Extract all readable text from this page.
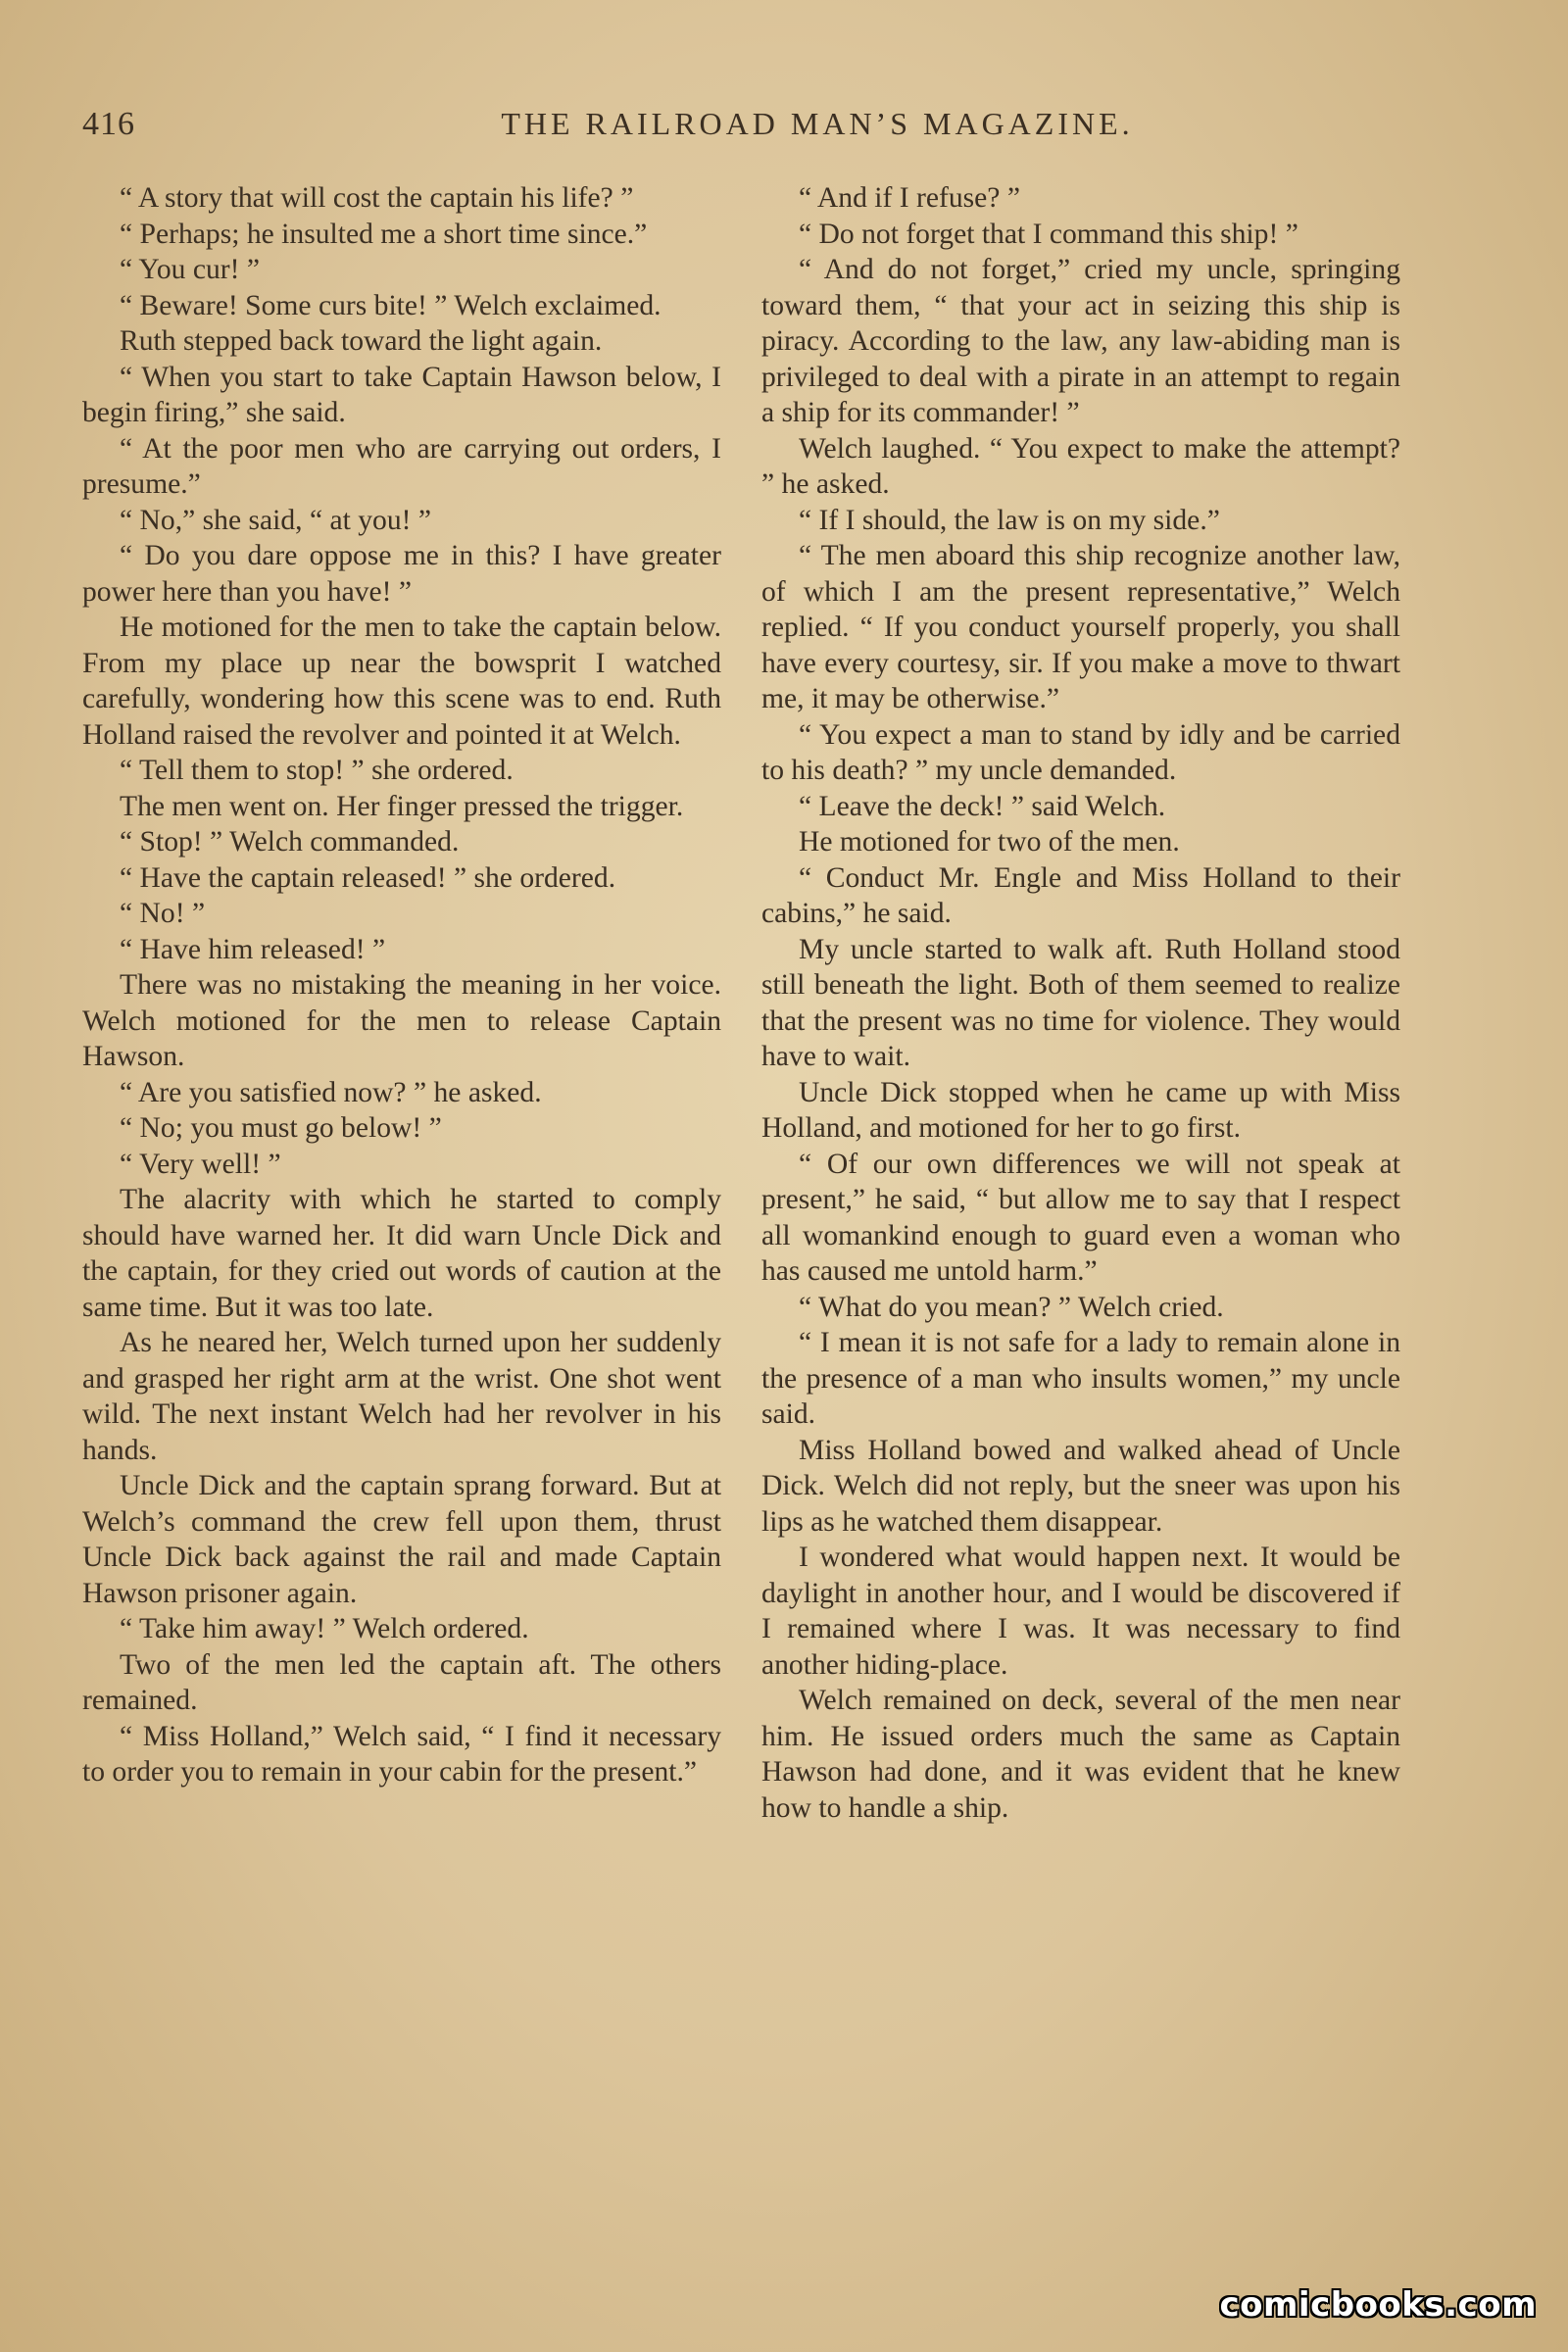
416	THE RAILROAD MAN’S MAGAZINE.

“ A story that will cost the captain his life? ”

“ Perhaps; he insulted me a short time since.”

“ You cur! ”

“ Beware! Some curs bite! ” Welch exclaimed.

Ruth stepped back toward the light again.

“ When you start to take Captain Hawson below, I begin firing,” she said.

“ At the poor men who are carrying out orders, I presume.”

“ No,” she said, “ at you! ”

“ Do you dare oppose me in this? I have greater power here than you have! ”

He motioned for the men to take the captain below. From my place up near the bowsprit I watched carefully, wondering how this scene was to end. Ruth Holland raised the revolver and pointed it at Welch.

“ Tell them to stop! ” she ordered.

The men went on. Her finger pressed the trigger.

“ Stop! ” Welch commanded.

“ Have the captain released! ” she ordered.

“ No! ”

“ Have him released! ”

There was no mistaking the meaning in her voice. Welch motioned for the men to release Captain Hawson.

“ Are you satisfied now? ” he asked.

“ No; you must go below! ”

“ Very well! ”

The alacrity with which he started to comply should have warned her. It did warn Uncle Dick and the captain, for they cried out words of caution at the same time. But it was too late.

As he neared her, Welch turned upon her suddenly and grasped her right arm at the wrist. One shot went wild. The next instant Welch had her revolver in his hands.

Uncle Dick and the captain sprang forward. But at Welch’s command the crew fell upon them, thrust Uncle Dick back against the rail and made Captain Hawson prisoner again.

“ Take him away! ” Welch ordered.

Two of the men led the captain aft. The others remained.

“ Miss Holland,” Welch said, “ I find it necessary to order you to remain in your cabin for the present.”

“ And if I refuse? ”

“ Do not forget that I command this ship! ”

“ And do not forget,” cried my uncle, springing toward them, “ that your act in seizing this ship is piracy. According to the law, any law-abiding man is privileged to deal with a pirate in an attempt to regain a ship for its commander! ”

Welch laughed. “ You expect to make the attempt? ” he asked.

“ If I should, the law is on my side.”

“ The men aboard this ship recognize another law, of which I am the present representative,” Welch replied. “ If you conduct yourself properly, you shall have every courtesy, sir. If you make a move to thwart me, it may be otherwise.”

“ You expect a man to stand by idly and be carried to his death? ” my uncle demanded.

“ Leave the deck! ” said Welch.

He motioned for two of the men.

“ Conduct Mr. Engle and Miss Holland to their cabins,” he said.

My uncle started to walk aft. Ruth Holland stood still beneath the light. Both of them seemed to realize that the present was no time for violence. They would have to wait.

Uncle Dick stopped when he came up with Miss Holland, and motioned for her to go first.

“ Of our own differences we will not speak at present,” he said, “ but allow me to say that I respect all womankind enough to guard even a woman who has caused me untold harm.”

“ What do you mean? ” Welch cried.

“ I mean it is not safe for a lady to remain alone in the presence of a man who insults women,” my uncle said.

Miss Holland bowed and walked ahead of Uncle Dick. Welch did not reply, but the sneer was upon his lips as he watched them disappear.

I wondered what would happen next. It would be daylight in another hour, and I would be discovered if I remained where I was. It was necessary to find another hiding-place.

Welch remained on deck, several of the men near him. He issued orders much the same as Captain Hawson had done, and it was evident that he knew how to handle a ship.

comicbooks.com
